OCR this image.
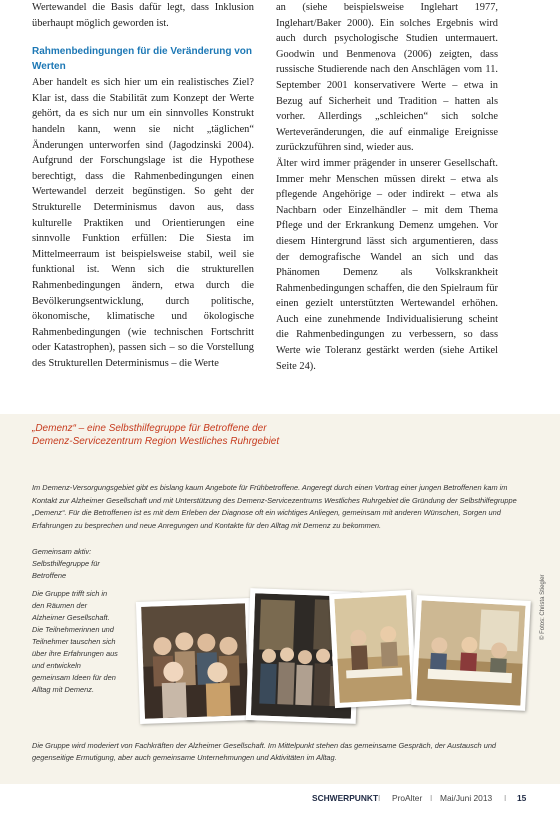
Wertewandel die Basis dafür legt, dass Inklusion überhaupt möglich geworden ist.

Rahmenbedingungen für die Veränderung von Werten

Aber handelt es sich hier um ein realistisches Ziel? Klar ist, dass die Stabilität zum Konzept der Werte gehört, da es sich nur um ein sinnvolles Konstrukt handeln kann, wenn sie nicht „täglichen“ Änderungen unterworfen sind (Jagodzinski 2004). Aufgrund der Forschungslage ist die Hypothese berechtigt, dass die Rahmenbedingungen einen Wertewandel derzeit begünstigen. So geht der Strukturelle Determinismus davon aus, dass kulturelle Praktiken und Orientierungen eine sinnvolle Funktion erfüllen: Die Siesta im Mittelmeerraum ist beispielsweise stabil, weil sie funktional ist. Wenn sich die strukturellen Rahmenbedingungen ändern, etwa durch die Bevölkerungsentwicklung, durch politische, ökonomische, klimatische und ökologische Rahmenbedingungen (wie technischen Fortschritt oder Katastrophen), passen sich – so die Vorstellung des Strukturellen Determinismus – die Werte

an (siehe beispielsweise Inglehart 1977, Inglehart/Baker 2000). Ein solches Ergebnis wird auch durch psychologische Studien untermauert. Goodwin und Benmenova (2006) zeigten, dass russische Studierende nach den Anschlägen vom 11. September 2001 konservativere Werte – etwa in Bezug auf Sicherheit und Tradition – hatten als vorher. Allerdings „schleichen“ sich solche Werteveränderungen, die auf einmalige Ereignisse zurückzuführen sind, wieder aus.

Älter wird immer prägender in unserer Gesellschaft. Immer mehr Menschen müssen direkt – etwa als pflegende Angehörige – oder indirekt – etwa als Nachbarn oder Einzelhändler – mit dem Thema Pflege und der Erkrankung Demenz umgehen. Vor diesem Hintergrund lässt sich argumentieren, dass der demografische Wandel an sich und das Phänomen Demenz als Volkskrankheit Rahmenbedingungen schaffen, die den Spielraum für einen gezielt unterstützten Wertewandel erhöhen. Auch eine zunehmende Individualisierung scheint die Rahmenbedingungen zu verbessern, so dass Werte wie Toleranz gestärkt werden (siehe Artikel Seite 24).

„Demenz“ – eine Selbsthilfegruppe für Betroffene der
Demenz-Servicezentrum Region Westliches Ruhrgebiet
Im Demenz-Versorgungsgebiet gibt es bislang kaum Angebote für Frühbetroffene. Angeregt durch einen Vortrag einer jungen Betroffenen kam im Kontakt zur Alzheimer Gesellschaft und mit Unterstützung des Demenz-Servicezentrums Westliches Ruhrgebiet die Gründung der Selbsthilfegruppe „Demenz“. Für die Betroffenen ist es mit dem Erleben der Diagnose oft ein wichtiges Anliegen, gemeinsam mit anderen Wünschen, Sorgen und Erfahrungen zu besprechen und neue Anregungen und Kontakte für den Alltag mit Demenz zu bekommen.

Gemeinsam aktiv: Selbsthilfegruppe für Betroffene

Die Gruppe trifft sich in den Räumen der Alzheimer Gesellschaft. Die Teilnehmerinnen und Teilnehmer tauschen sich über ihre Erfahrungen aus und entwickeln gemeinsam Ideen für den Alltag mit Demenz.

Die Gruppe wird moderiert von Fachkräften der Alzheimer Gesellschaft. Im Mittelpunkt stehen das gemeinsame Gespräch, der Austausch und gegenseitige Ermutigung, aber auch gemeinsame Unternehmungen und Aktivitäten im Alltag.
© Fotos: Christa Stiegler
SCHWERPUNKT I ProAlter I Mai/Juni 2013 I 15
